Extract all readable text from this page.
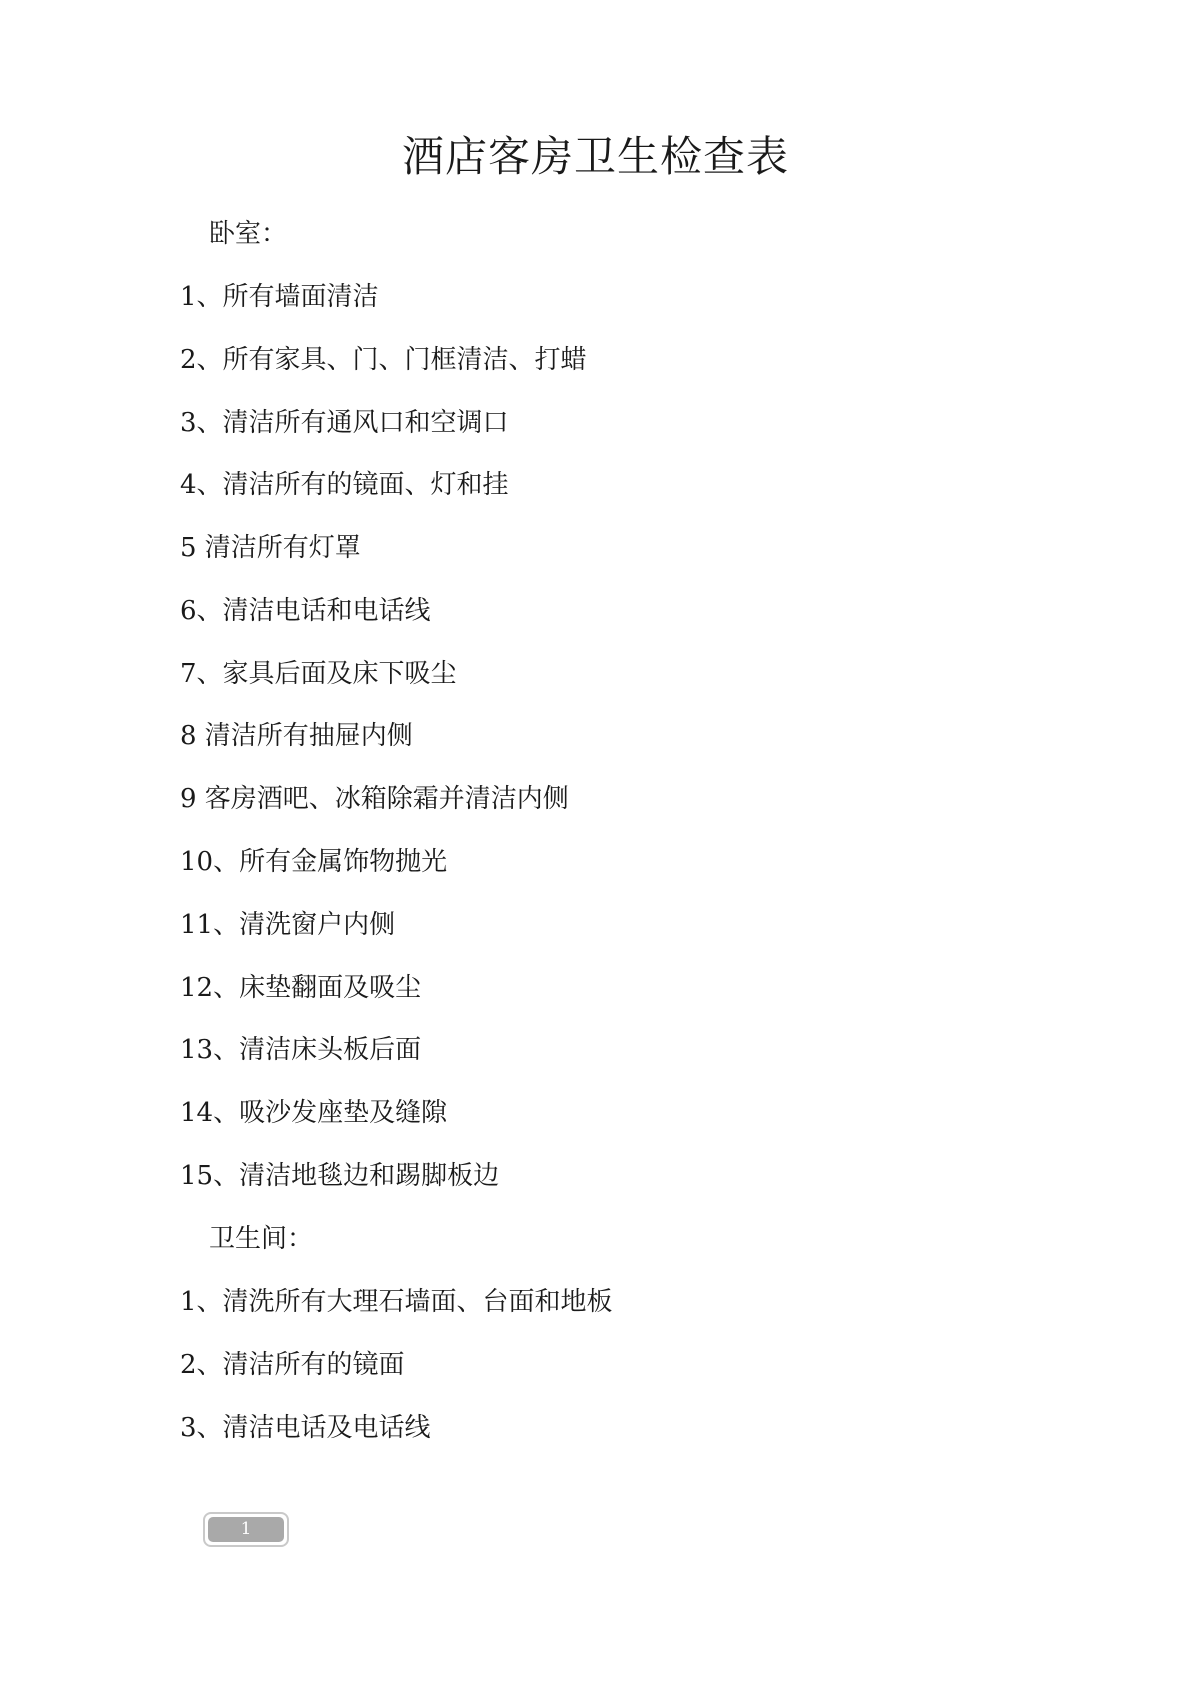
酒店客房卫生检查表

卧室：

1、所有墙面清洁

2、所有家具、门、门框清洁、打蜡

3、清洁所有通风口和空调口

4、清洁所有的镜面、灯和挂

5 清洁所有灯罩

6、清洁电话和电话线

7、家具后面及床下吸尘

8 清洁所有抽屉内侧

9 客房酒吧、冰箱除霜并清洁内侧

10、所有金属饰物抛光

11、清洗窗户内侧

12、床垫翻面及吸尘

13、清洁床头板后面

14、吸沙发座垫及缝隙

15、清洁地毯边和踢脚板边

卫生间：

1、清洗所有大理石墙面、台面和地板

2、清洁所有的镜面

3、清洁电话及电话线

1
